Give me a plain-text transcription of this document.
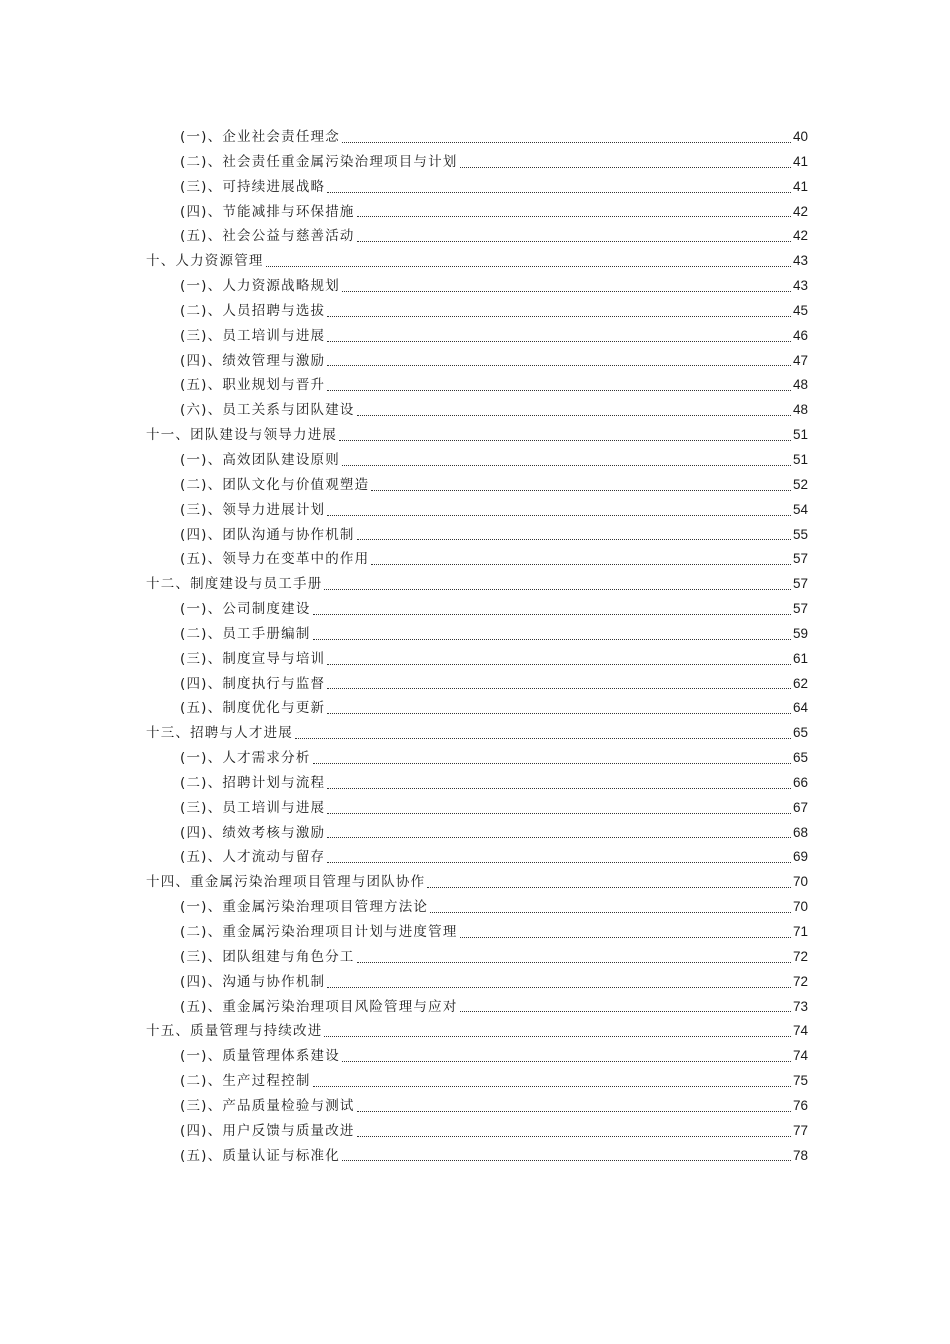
(一)、企业社会责任理念	40
(二)、社会责任重金属污染治理项目与计划	41
(三)、可持续进展战略	41
(四)、节能减排与环保措施	42
(五)、社会公益与慈善活动	42
十、人力资源管理	43
(一)、人力资源战略规划	43
(二)、人员招聘与选拔	45
(三)、员工培训与进展	46
(四)、绩效管理与激励	47
(五)、职业规划与晋升	48
(六)、员工关系与团队建设	48
十一、团队建设与领导力进展	51
(一)、高效团队建设原则	51
(二)、团队文化与价值观塑造	52
(三)、领导力进展计划	54
(四)、团队沟通与协作机制	55
(五)、领导力在变革中的作用	57
十二、制度建设与员工手册	57
(一)、公司制度建设	57
(二)、员工手册编制	59
(三)、制度宣导与培训	61
(四)、制度执行与监督	62
(五)、制度优化与更新	64
十三、招聘与人才进展	65
(一)、人才需求分析	65
(二)、招聘计划与流程	66
(三)、员工培训与进展	67
(四)、绩效考核与激励	68
(五)、人才流动与留存	69
十四、重金属污染治理项目管理与团队协作	70
(一)、重金属污染治理项目管理方法论	70
(二)、重金属污染治理项目计划与进度管理	71
(三)、团队组建与角色分工	72
(四)、沟通与协作机制	72
(五)、重金属污染治理项目风险管理与应对	73
十五、质量管理与持续改进	74
(一)、质量管理体系建设	74
(二)、生产过程控制	75
(三)、产品质量检验与测试	76
(四)、用户反馈与质量改进	77
(五)、质量认证与标准化	78
